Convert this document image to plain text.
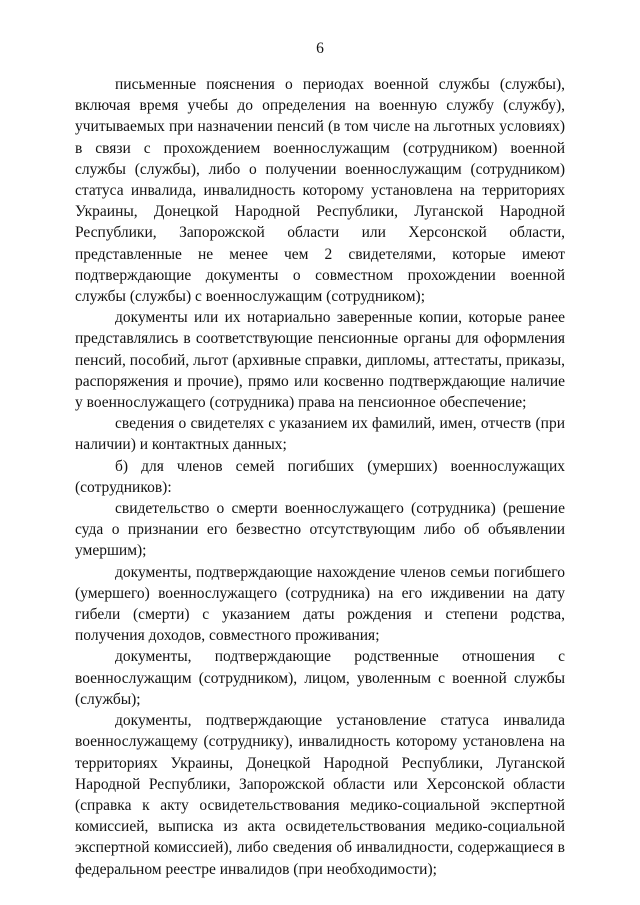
6

письменные пояснения о периодах военной службы (службы), включая время учебы до определения на военную службу (службу), учитываемых при назначении пенсий (в том числе на льготных условиях) в связи с прохождением военнослужащим (сотрудником) военной службы (службы), либо о получении военнослужащим (сотрудником) статуса инвалида, инвалидность которому установлена на территориях Украины, Донецкой Народной Республики, Луганской Народной Республики, Запорожской области или Херсонской области, представленные не менее чем 2 свидетелями, которые имеют подтверждающие документы о совместном прохождении военной службы (службы) с военнослужащим (сотрудником);

документы или их нотариально заверенные копии, которые ранее представлялись в соответствующие пенсионные органы для оформления пенсий, пособий, льгот (архивные справки, дипломы, аттестаты, приказы, распоряжения и прочие), прямо или косвенно подтверждающие наличие у военнослужащего (сотрудника) права на пенсионное обеспечение;

сведения о свидетелях с указанием их фамилий, имен, отчеств (при наличии) и контактных данных;

б) для членов семей погибших (умерших) военнослужащих (сотрудников):

свидетельство о смерти военнослужащего (сотрудника) (решение суда о признании его безвестно отсутствующим либо об объявлении умершим);

документы, подтверждающие нахождение членов семьи погибшего (умершего) военнослужащего (сотрудника) на его иждивении на дату гибели (смерти) с указанием даты рождения и степени родства, получения доходов, совместного проживания;

документы, подтверждающие родственные отношения с военнослужащим (сотрудником), лицом, уволенным с военной службы (службы);

документы, подтверждающие установление статуса инвалида военнослужащему (сотруднику), инвалидность которому установлена на территориях Украины, Донецкой Народной Республики, Луганской Народной Республики, Запорожской области или Херсонской области (справка к акту освидетельствования медико-социальной экспертной комиссией, выписка из акта освидетельствования медико-социальной экспертной комиссией), либо сведения об инвалидности, содержащиеся в федеральном реестре инвалидов (при необходимости);
